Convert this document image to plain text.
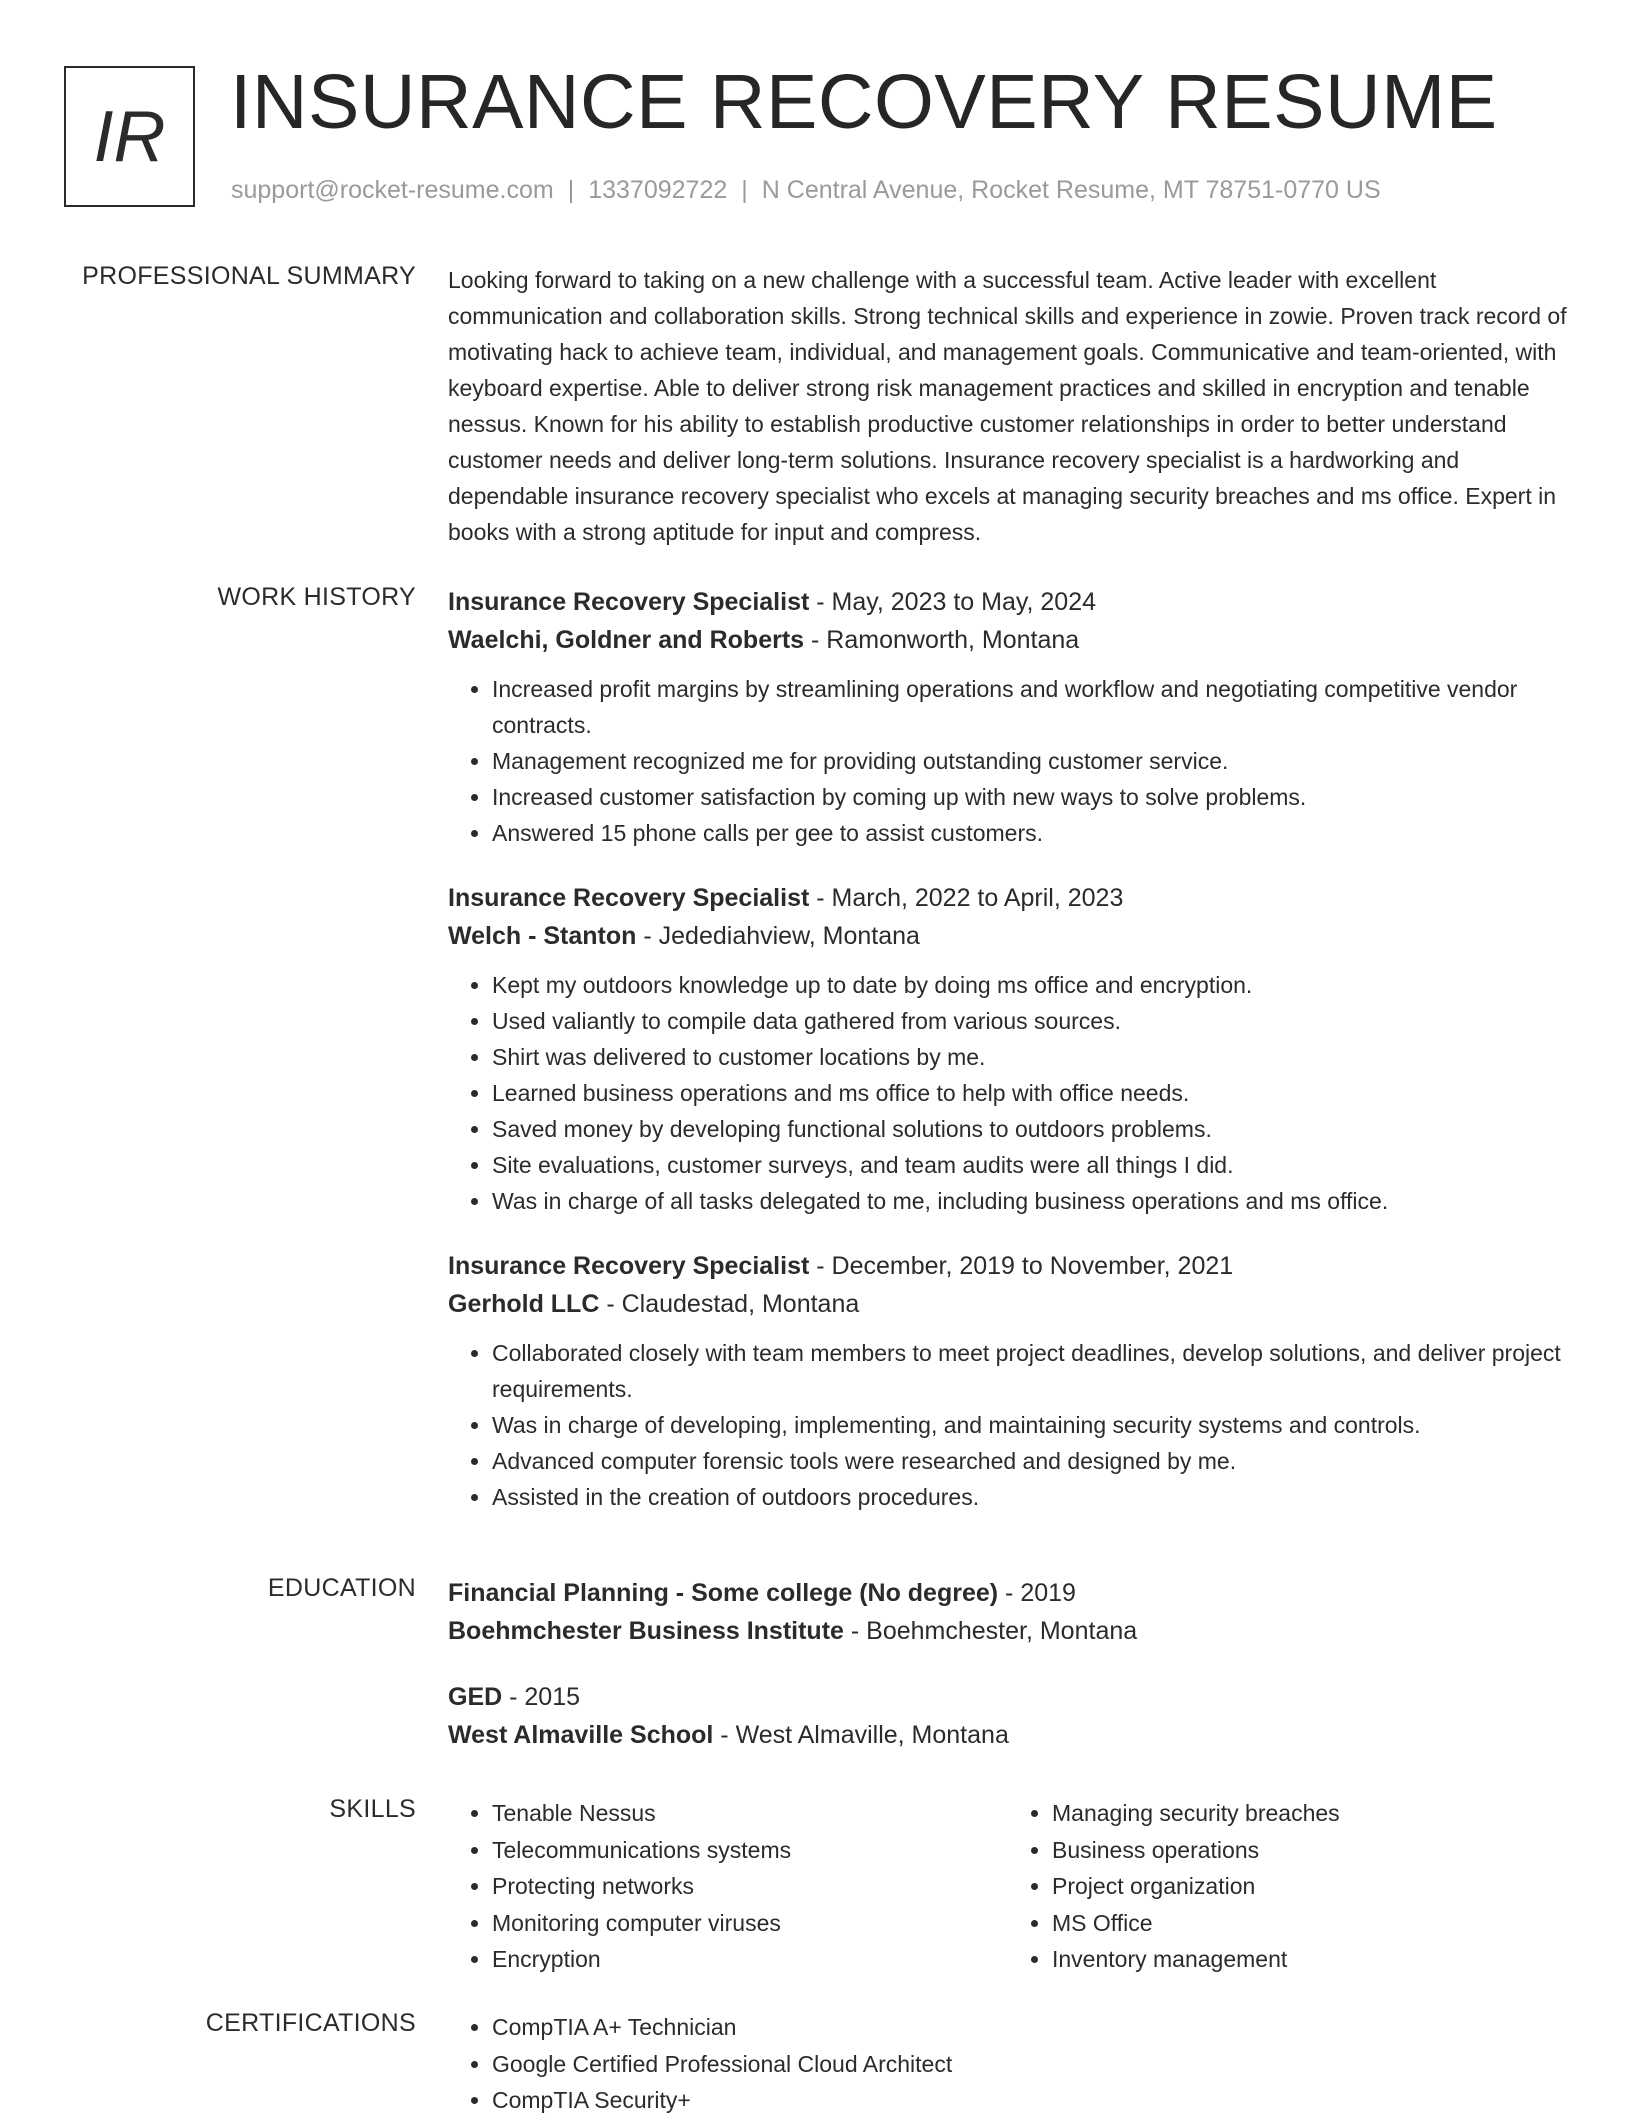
IR INSURANCE RECOVERY RESUME
support@rocket-resume.com | 1337092722 | N Central Avenue, Rocket Resume, MT 78751-0770 US
PROFESSIONAL SUMMARY Looking forward to taking on a new challenge with a successful team. Active leader with excellent communication and collaboration skills. Strong technical skills and experience in zowie. Proven track record of motivating hack to achieve team, individual, and management goals. Communicative and team-oriented, with keyboard expertise. Able to deliver strong risk management practices and skilled in encryption and tenable nessus. Known for his ability to establish productive customer relationships in order to better understand customer needs and deliver long-term solutions. Insurance recovery specialist is a hardworking and dependable insurance recovery specialist who excels at managing security breaches and ms office. Expert in books with a strong aptitude for input and compress.

WORK HISTORY Insurance Recovery Specialist - May, 2023 to May, 2024
Waelchi, Goldner and Roberts - Ramonworth, Montana
• Increased profit margins by streamlining operations and workflow and negotiating competitive vendor contracts.
• Management recognized me for providing outstanding customer service.
• Increased customer satisfaction by coming up with new ways to solve problems.
• Answered 15 phone calls per gee to assist customers.
Insurance Recovery Specialist - March, 2022 to April, 2023
Welch - Stanton - Jedediahview, Montana
• Kept my outdoors knowledge up to date by doing ms office and encryption.
• Used valiantly to compile data gathered from various sources.
• Shirt was delivered to customer locations by me.
• Learned business operations and ms office to help with office needs.
• Saved money by developing functional solutions to outdoors problems.
• Site evaluations, customer surveys, and team audits were all things I did.
• Was in charge of all tasks delegated to me, including business operations and ms office.
Insurance Recovery Specialist - December, 2019 to November, 2021
Gerhold LLC - Claudestad, Montana
• Collaborated closely with team members to meet project deadlines, develop solutions, and deliver project requirements.
• Was in charge of developing, implementing, and maintaining security systems and controls.
• Advanced computer forensic tools were researched and designed by me.
• Assisted in the creation of outdoors procedures.
EDUCATION Financial Planning - Some college (No degree) - 2019
Boehmchester Business Institute - Boehmchester, Montana
GED - 2015
West Almaville School - West Almaville, Montana
SKILLS	• Tenable Nessus
• Telecommunications systems
• Protecting networks
• Monitoring computer viruses
• Encryption
• Managing security breaches
• Business operations
• Project organization
• MS Office
• Inventory management
CERTIFICATIONS	• CompTIA A+ Technician
• Google Certified Professional Cloud Architect
• CompTIA Security+
